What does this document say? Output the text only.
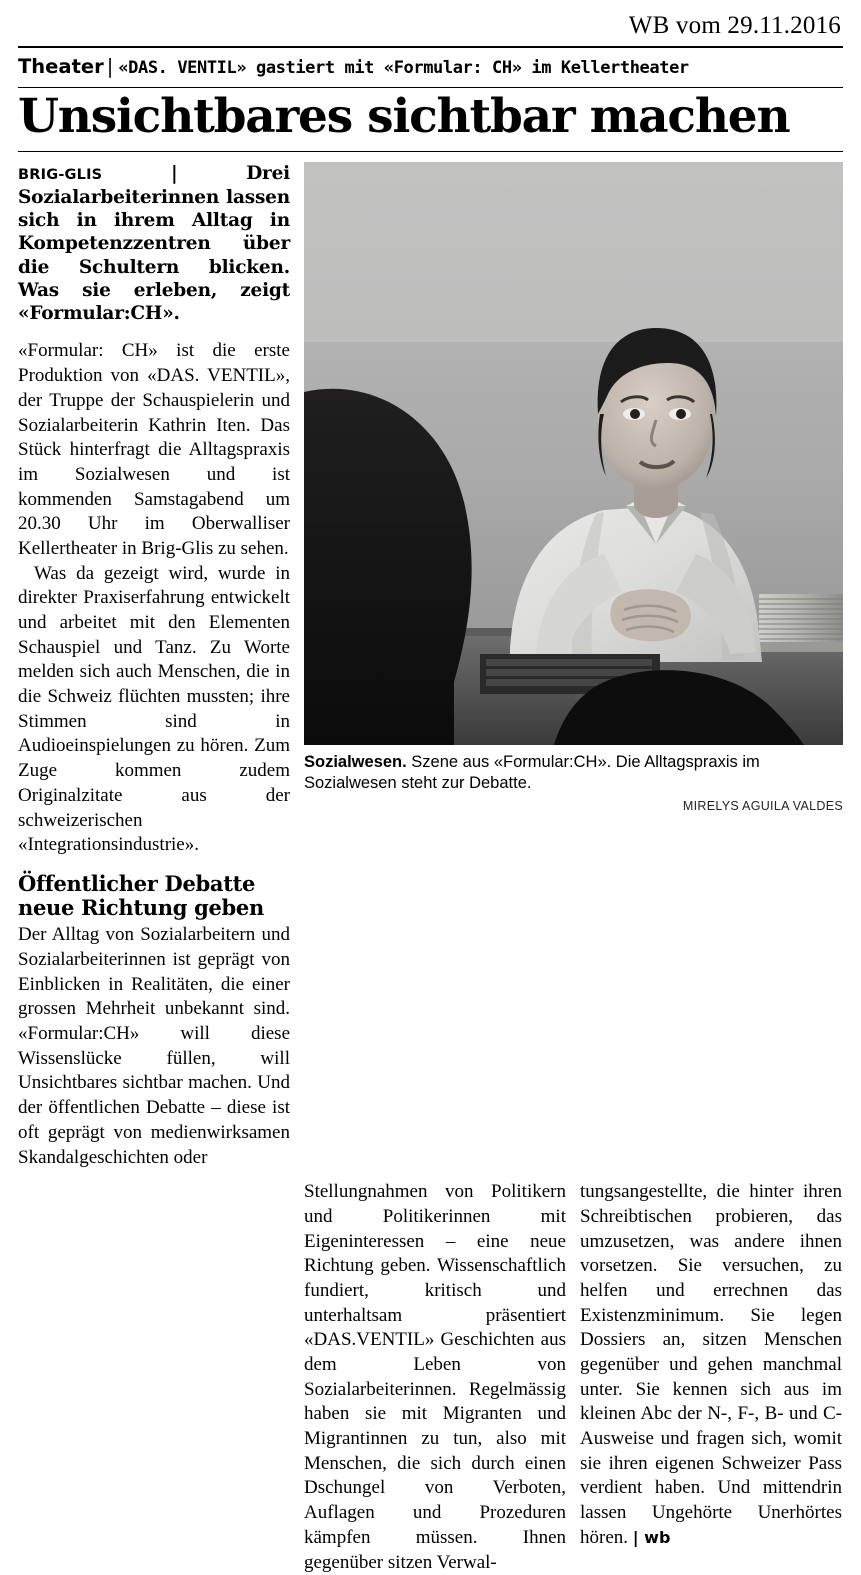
WB vom 29.11.2016
Theater | «DAS. VENTIL» gastiert mit «Formular: CH» im Kellertheater
Unsichtbares sichtbar machen

BRIG-GLIS	|	Drei Sozialarbeiterinnen lassen sich in ihrem Alltag in Kompetenzzentren über die Schultern blicken. Was sie erleben, zeigt «Formular:CH».

«Formular: CH» ist die erste Produktion von «DAS. VENTIL», der Truppe der Schauspielerin und Sozialarbeiterin Kathrin Iten. Das Stück hinterfragt die Alltagspraxis im Sozialwesen und ist kommenden Samstagabend um 20.30 Uhr im Oberwalliser Kellertheater in Brig-Glis zu sehen.

Was da gezeigt wird, wurde in direkter Praxiserfahrung entwickelt und arbeitet mit den Elementen Schauspiel und Tanz. Zu Worte melden sich auch Menschen, die in die Schweiz flüchten mussten; ihre Stimmen sind in Audioeinspielungen zu hören. Zum Zuge kommen zudem Originalzitate aus der schweizerischen «Integrationsindustrie».

Öffentlicher Debatte neue Richtung geben

Der Alltag von Sozialarbeitern und Sozialarbeiterinnen ist geprägt von Einblicken in Realitäten, die einer grossen Mehrheit unbekannt sind. «Formular:CH» will diese Wissenslücke füllen, will Unsichtbares sichtbar machen. Und der öffentlichen Debatte – diese ist oft geprägt von medienwirksamen Skandalgeschichten oder

Sozialwesen. Szene aus «Formular:CH». Die Alltagspraxis im Sozialwesen steht zur Debatte.
MIRELYS AGUILA VALDES

Stellungnahmen von Politikern und Politikerinnen mit Eigeninteressen – eine neue Richtung geben. Wissenschaftlich fundiert, kritisch und unterhaltsam präsentiert «DAS.VENTIL» Geschichten aus dem Leben von Sozialarbeiterinnen. Regelmässig haben sie mit Migranten und Migrantinnen zu tun, also mit Menschen, die sich durch einen Dschungel von Verboten, Auflagen und Prozeduren kämpfen müssen. Ihnen gegenüber sitzen Verwal-

tungsangestellte, die hinter ihren Schreibtischen probieren, das umzusetzen, was andere ihnen vorsetzen. Sie versuchen, zu helfen und errechnen das Existenzminimum. Sie legen Dossiers an, sitzen Menschen gegenüber und gehen manchmal unter. Sie kennen sich aus im kleinen Abc der N-, F-, B- und C-Ausweise und fragen sich, womit sie ihren eigenen Schweizer Pass verdient haben. Und mittendrin lassen Ungehörte Unerhörtes hören. | wb
